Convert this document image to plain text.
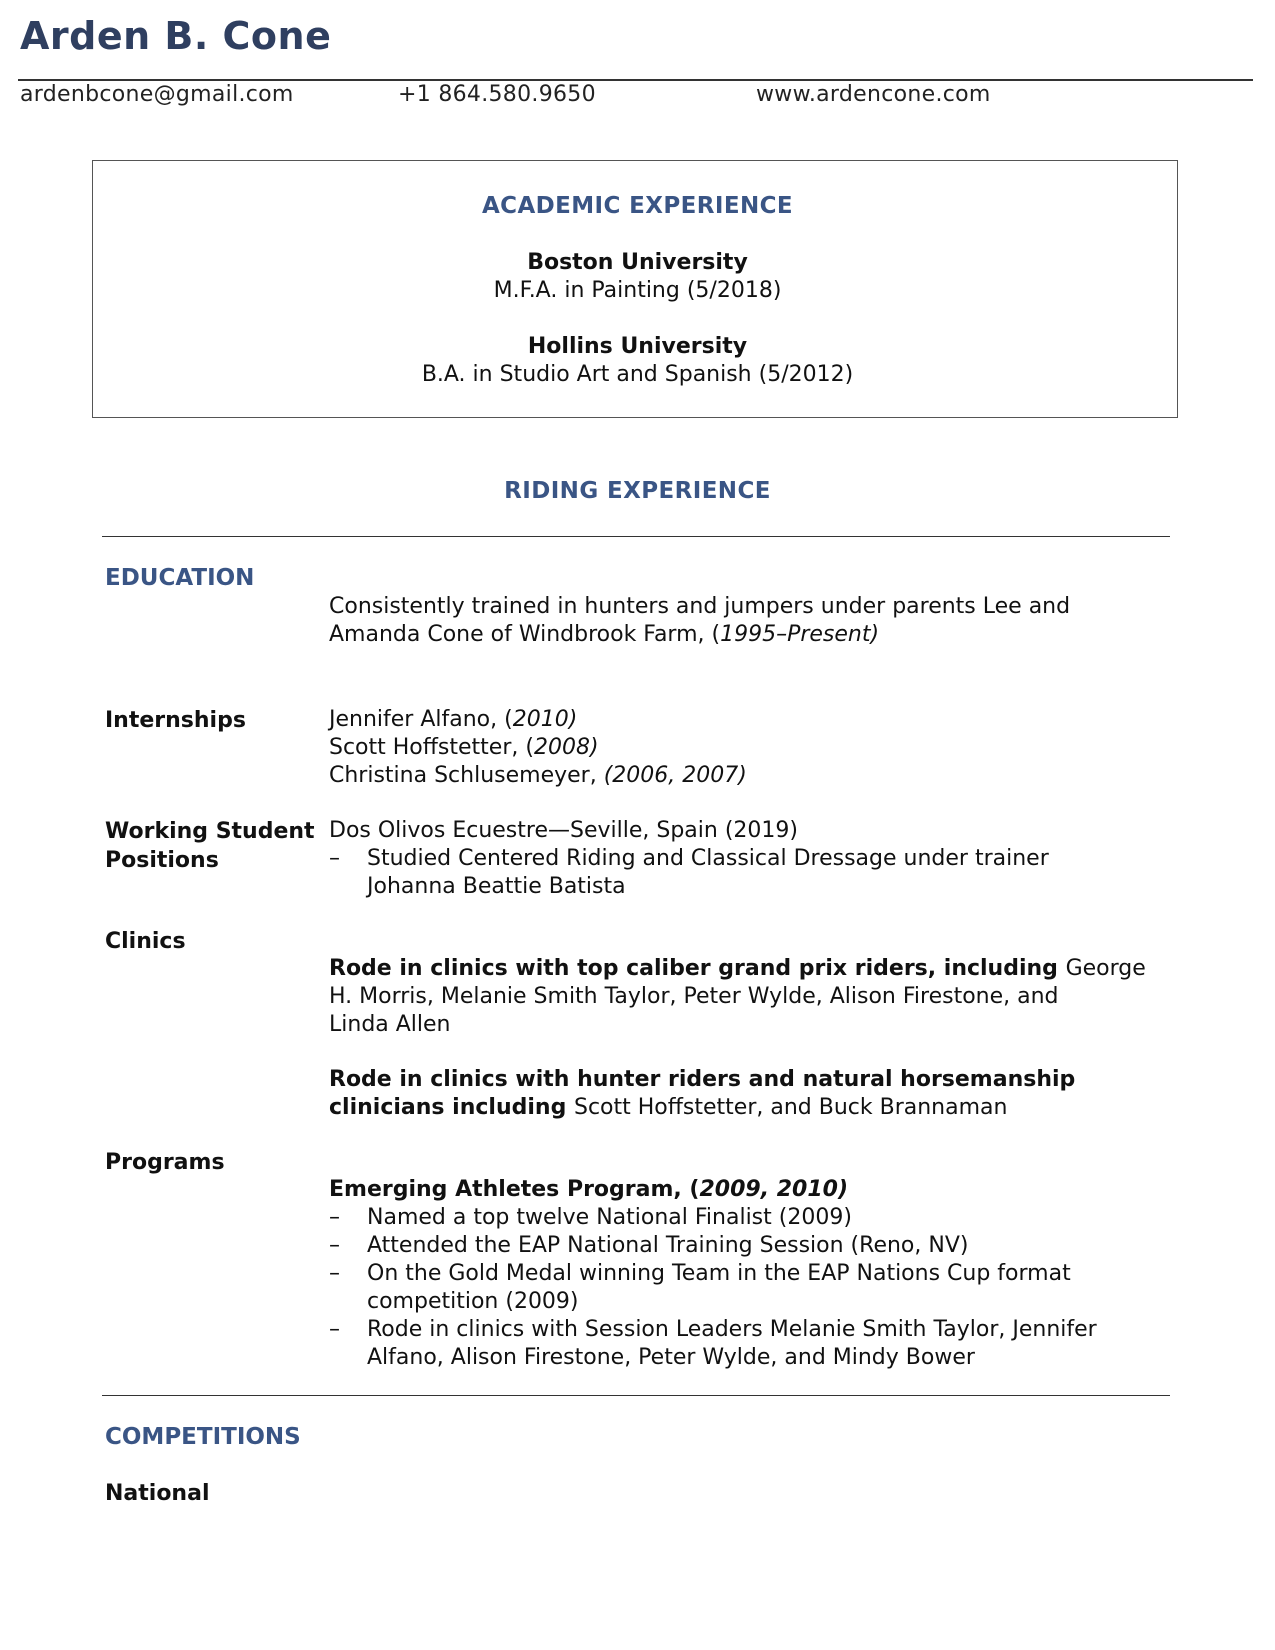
Arden B. Cone
ardenbcone@gmail.com	+1 864.580.9650	www.ardencone.com
ACADEMIC EXPERIENCE
Boston University
M.F.A. in Painting (5/2018)
Hollins University
B.A. in Studio Art and Spanish (5/2012)
RIDING EXPERIENCE
EDUCATION
Consistently trained in hunters and jumpers under parents Lee and
Amanda Cone of Windbrook Farm, (1995–Present)
Internships	Jennifer Alfano, (2010)
Scott Hoffstetter, (2008)
Christina Schlusemeyer, (2006, 2007)
Working Student
Positions
Dos Olivos Ecuestre—Seville, Spain (2019)
– Studied Centered Riding and Classical Dressage under trainer
Johanna Beattie Batista
Clinics
Rode in clinics with top caliber grand prix riders, including George
H. Morris, Melanie Smith Taylor, Peter Wylde, Alison Firestone, and
Linda Allen
Rode in clinics with hunter riders and natural horsemanship
clinicians including Scott Hoffstetter, and Buck Brannaman
Programs
Emerging Athletes Program, (2009, 2010)
– Named a top twelve National Finalist (2009)
– Attended the EAP National Training Session (Reno, NV)
– On the Gold Medal winning Team in the EAP Nations Cup format
competition (2009)
– Rode in clinics with Session Leaders Melanie Smith Taylor, Jennifer
Alfano, Alison Firestone, Peter Wylde, and Mindy Bower
COMPETITIONS
National
